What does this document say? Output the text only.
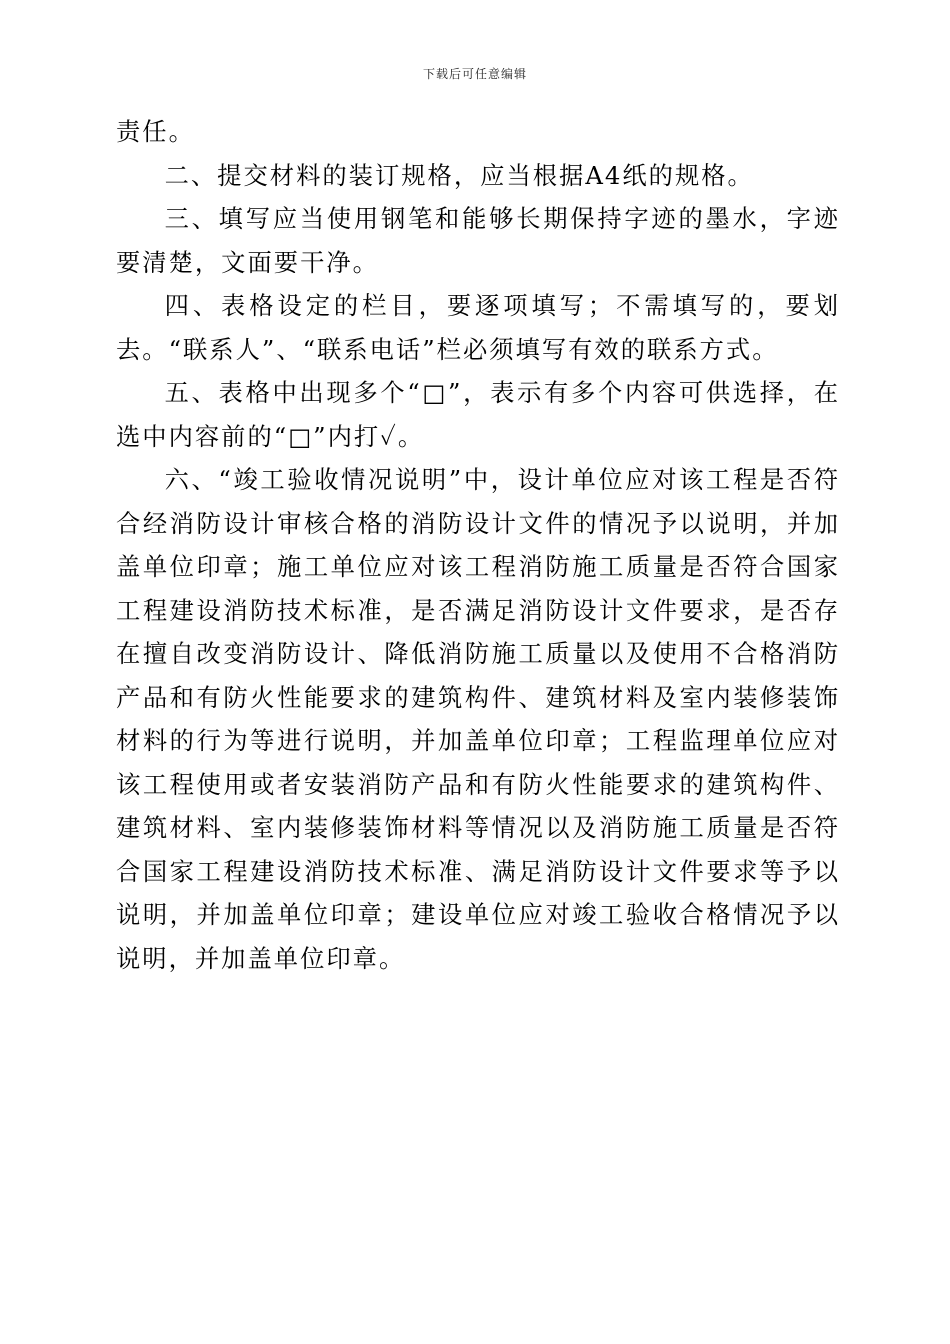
下载后可任意编辑

责任。

二、提交材料的装订规格，应当根据A4纸的规格。

三、填写应当使用钢笔和能够长期保持字迹的墨水，字迹要清楚，文面要干净。

四、表格设定的栏目，要逐项填写；不需填写的，要划去。“联系人”、“联系电话”栏必须填写有效的联系方式。

五、表格中出现多个“□”，表示有多个内容可供选择，在选中内容前的“□”内打✓。

六、“竣工验收情况说明”中，设计单位应对该工程是否符合经消防设计审核合格的消防设计文件的情况予以说明，并加盖单位印章；施工单位应对该工程消防施工质量是否符合国家工程建设消防技术标准，是否满足消防设计文件要求，是否存在擅自改变消防设计、降低消防施工质量以及使用不合格消防产品和有防火性能要求的建筑构件、建筑材料及室内装修装饰材料的行为等进行说明，并加盖单位印章；工程监理单位应对该工程使用或者安装消防产品和有防火性能要求的建筑构件、建筑材料、室内装修装饰材料等情况以及消防施工质量是否符合国家工程建设消防技术标准、满足消防设计文件要求等予以说明，并加盖单位印章；建设单位应对竣工验收合格情况予以说明，并加盖单位印章。
